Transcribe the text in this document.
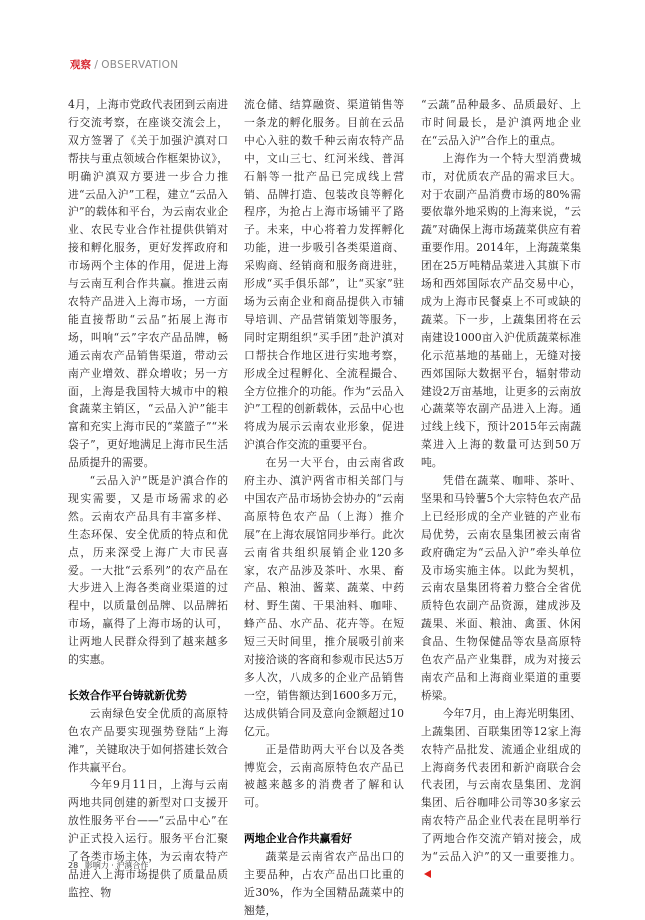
观察 / OBSERVATION

4月，上海市党政代表团到云南进行交流考察，在座谈交流会上，双方签署了《关于加强沪滇对口帮扶与重点领域合作框架协议》，明确沪滇双方要进一步合力推进“云品入沪”工程，建立“云品入沪”的载体和平台，为云南农业企业、农民专业合作社提供供销对接和孵化服务，更好发挥政府和市场两个主体的作用，促进上海与云南互利合作共赢。推进云南农特产品进入上海市场，一方面能直接帮助“云品”拓展上海市场，叫响“云”字农产品品牌，畅通云南农产品销售渠道，带动云南产业增效、群众增收；另一方面，上海是我国特大城市中的粮食蔬菜主销区，“云品入沪”能丰富和充实上海市民的“菜篮子”“米袋子”，更好地满足上海市民生活品质提升的需要。

“云品入沪”既是沪滇合作的现实需要，又是市场需求的必然。云南农产品具有丰富多样、生态环保、安全优质的特点和优点，历来深受上海广大市民喜爱。一大批“云系列”的农产品在大步进入上海各类商业渠道的过程中，以质量创品牌、以品牌拓市场，赢得了上海市场的认可，让两地人民群众得到了越来越多的实惠。

长效合作平台铸就新优势

云南绿色安全优质的高原特色农产品要实现强势登陆“上海滩”，关键取决于如何搭建长效合作共赢平台。

今年9月11日，上海与云南两地共同创建的新型对口支援开放性服务平台——“云品中心”在沪正式投入运行。服务平台汇聚了各类市场主体，为云南农特产品进入上海市场提供了质量品质监控、物

流仓储、结算融资、渠道销售等一条龙的孵化服务。目前在云品中心入驻的数千种云南农特产品中，文山三七、红河米线、普洱石斛等一批产品已完成线上营销、品牌打造、包装改良等孵化程序，为抢占上海市场铺平了路子。未来，中心将着力发挥孵化功能，进一步吸引各类渠道商、采购商、经销商和服务商进驻，形成“买手俱乐部”，让“买家”驻场为云南企业和商品提供入市辅导培训、产品营销策划等服务，同时定期组织“买手团”赴沪滇对口帮扶合作地区进行实地考察，形成全过程孵化、全流程撮合、全方位推介的功能。作为“云品入沪”工程的创新载体，云品中心也将成为展示云南农业形象，促进沪滇合作交流的重要平台。

在另一大平台，由云南省政府主办、滇沪两省市相关部门与中国农产品市场协会协办的“云南高原特色农产品（上海）推介展”在上海农展馆同步举行。此次云南省共组织展销企业120多家，农产品涉及茶叶、水果、畜产品、粮油、酱菜、蔬菜、中药材、野生菌、干果油料、咖啡、蜂产品、水产品、花卉等。在短短三天时间里，推介展吸引前来对接洽谈的客商和参观市民达5万多人次，八成多的企业产品销售一空，销售额达到1600多万元，达成供销合同及意向金额超过10亿元。

正是借助两大平台以及各类博览会，云南高原特色农产品已被越来越多的消费者了解和认可。

两地企业合作共赢看好

蔬菜是云南省农产品出口的主要品种，占农产品出口比重的近30%，作为全国精品蔬菜中的翘楚，

“云蔬”品种最多、品质最好、上市时间最长，是沪滇两地企业在“云品入沪”合作上的重点。

上海作为一个特大型消费城市，对优质农产品的需求巨大。对于农副产品消费市场的80%需要依靠外地采购的上海来说，“云蔬”对确保上海市场蔬菜供应有着重要作用。2014年，上海蔬菜集团在25万吨精品菜进入其旗下市场和西郊国际农产品交易中心，成为上海市民餐桌上不可或缺的蔬菜。下一步，上蔬集团将在云南建设1000亩入沪优质蔬菜标准化示范基地的基础上，无缝对接西郊国际大数据平台，辐射带动建设2万亩基地，让更多的云南放心蔬菜等农副产品进入上海。通过线上线下，预计2015年云南蔬菜进入上海的数量可达到50万吨。

凭借在蔬菜、咖啡、茶叶、坚果和马铃薯5个大宗特色农产品上已经形成的全产业链的产业布局优势，云南农垦集团被云南省政府确定为“云品入沪”牵头单位及市场实施主体。以此为契机，云南农垦集团将着力整合全省优质特色农副产品资源，建成涉及蔬果、米面、粮油、禽蛋、休闲食品、生物保健品等农垦高原特色农产品产业集群，成为对接云南农产品和上海商业渠道的重要桥梁。

今年7月，由上海光明集团、上蔬集团、百联集团等12家上海农特产品批发、流通企业组成的上海商务代表团和新沪商联合会代表团，与云南农垦集团、龙润集团、后谷咖啡公司等30多家云南农特产品企业代表在昆明举行了两地合作交流产销对接会，成为“云品入沪”的又一重要推力。

28 影响力 · 沪滇合作
